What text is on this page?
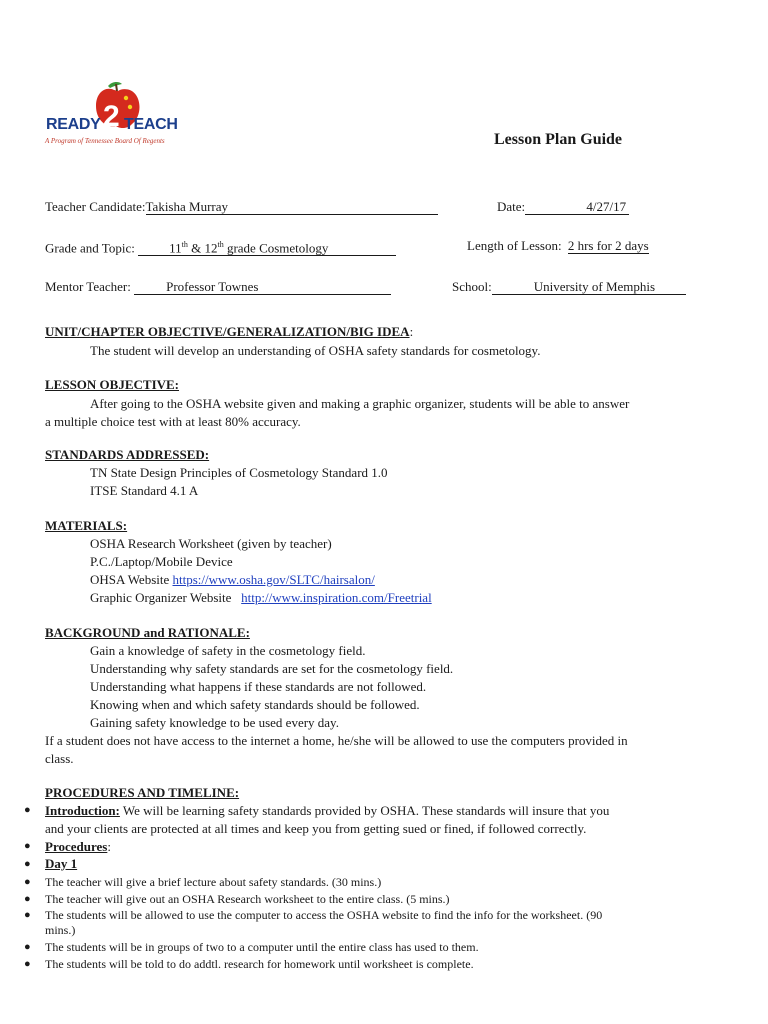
READY 2 TEACH
A Program of Tennessee Board Of Regents	Lesson Plan Guide
Teacher Candidate:Takisha Murray	Date:	4/27/17
Grade and Topic:	11th & 12th grade Cosmetology	Length of Lesson: 2 hrs for 2 days
Mentor Teacher:	Professor Townes	School:	University of Memphis
UNIT/CHAPTER OBJECTIVE/GENERALIZATION/BIG IDEA:
The student will develop an understanding of OSHA safety standards for cosmetology.
LESSON OBJECTIVE:
After going to the OSHA website given and making a graphic organizer, students will be able to answer
a multiple choice test with at least 80% accuracy.
STANDARDS ADDRESSED:
TN State Design Principles of Cosmetology Standard 1.0
ITSE Standard 4.1 A
MATERIALS:
OSHA Research Worksheet (given by teacher)
P.C./Laptop/Mobile Device
OHSA Website https://www.osha.gov/SLTC/hairsalon/
Graphic Organizer Website   http://www.inspiration.com/Freetrial
BACKGROUND and RATIONALE:
Gain a knowledge of safety in the cosmetology field.
Understanding why safety standards are set for the cosmetology field.
Understanding what happens if these standards are not followed.
Knowing when and which safety standards should be followed.
Gaining safety knowledge to be used every day.
If a student does not have access to the internet a home, he/she will be allowed to use the computers provided in
class.
PROCEDURES AND TIMELINE:
● Introduction: We will be learning safety standards provided by OSHA. These standards will insure that you
and your clients are protected at all times and keep you from getting sued or fined, if followed correctly.
● Procedures:
● Day 1
● The teacher will give a brief lecture about safety standards. (30 mins.)
● The teacher will give out an OSHA Research worksheet to the entire class. (5 mins.)
● The students will be allowed to use the computer to access the OSHA website to find the info for the worksheet. (90
mins.)
● The students will be in groups of two to a computer until the entire class has used to them.
● The students will be told to do addtl. research for homework until worksheet is complete.
